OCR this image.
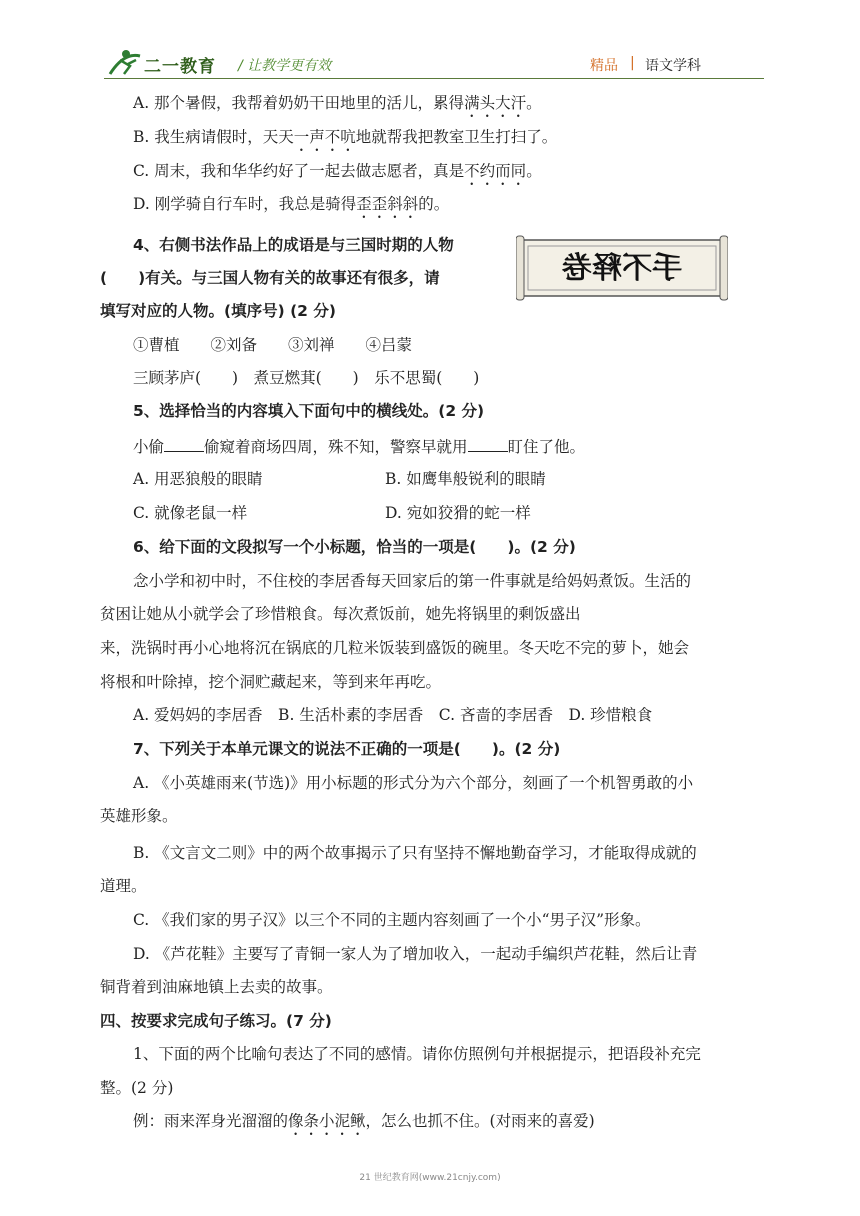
二一教育 / 让教学更有效	精品 | 语文学科
A. 那个暑假，我帮着奶奶干田地里的活儿，累得满头大汗。
B. 我生病请假时，天天一声不吭地就帮我把教室卫生打扫了。
C. 周末，我和华华约好了一起去做志愿者，真是不约而同。
D. 刚学骑自行车时，我总是骑得歪歪斜斜的。
4、右侧书法作品上的成语是与三国时期的人物
(　　)有关。与三国人物有关的故事还有很多，请
填写对应的人物。(填序号) (2 分)
手不释卷
①曹植　　②刘备　　③刘禅　　④吕蒙
三顾茅庐(　　)　煮豆燃萁(　　)　乐不思蜀(　　)
5、选择恰当的内容填入下面句中的横线处。(2 分)
小偷	偷窥着商场四周，殊不知，警察早就用	盯住了他。
A. 用恶狼般的眼睛	B. 如鹰隼般锐利的眼睛
C. 就像老鼠一样	D. 宛如狡猾的蛇一样
6、给下面的文段拟写一个小标题，恰当的一项是(　　)。(2 分)
念小学和初中时，不住校的李居香每天回家后的第一件事就是给妈妈煮饭。生活的
贫困让她从小就学会了珍惜粮食。每次煮饭前，她先将锅里的剩饭盛出
来，洗锅时再小心地将沉在锅底的几粒米饭装到盛饭的碗里。冬天吃不完的萝卜，她会
将根和叶除掉，挖个洞贮藏起来，等到来年再吃。
A. 爱妈妈的李居香　B. 生活朴素的李居香　C. 吝啬的李居香　D. 珍惜粮食
7、下列关于本单元课文的说法不正确的一项是(　　)。(2 分)
A. 《小英雄雨来(节选)》用小标题的形式分为六个部分，刻画了一个机智勇敢的小
英雄形象。
B. 《文言文二则》中的两个故事揭示了只有坚持不懈地勤奋学习，才能取得成就的
道理。
C. 《我们家的男子汉》以三个不同的主题内容刻画了一个小“男子汉”形象。
D. 《芦花鞋》主要写了青铜一家人为了增加收入，一起动手编织芦花鞋，然后让青
铜背着到油麻地镇上去卖的故事。
四、按要求完成句子练习。(7 分)
1、下面的两个比喻句表达了不同的感情。请你仿照例句并根据提示，把语段补充完
整。(2 分)
例：雨来浑身光溜溜的像条小泥鳅，怎么也抓不住。(对雨来的喜爱)
21 世纪教育网(www.21cnjy.com)
